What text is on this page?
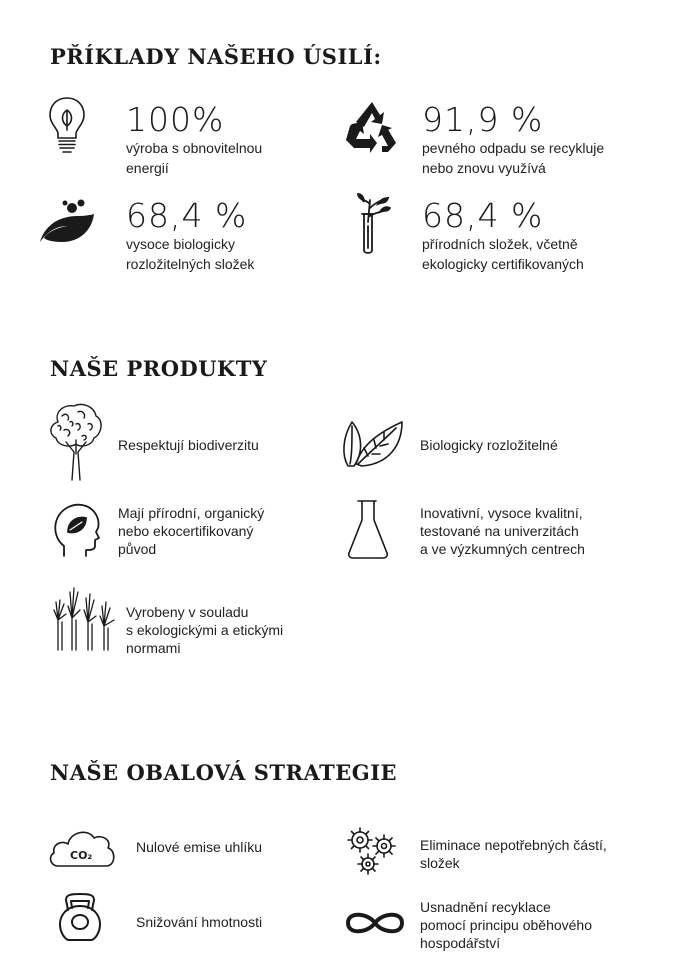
PŘÍKLADY NAŠEHO ÚSILÍ:
100%
výroba s obnovitelnou
energií
91,9 %
pevného odpadu se recykluje
nebo znovu využívá
68,4 %
vysoce biologicky
rozložitelných složek
68,4 %
přírodních složek, včetně
ekologicky certifikovaných
NAŠE PRODUKTY
Respektují biodiverzitu	Biologicky rozložitelné
Mají přírodní, organický
nebo ekocertifikovaný
původ
Inovativní, vysoce kvalitní,
testované na univerzitách
a ve výzkumných centrech
Vyrobeny v souladu
s ekologickými a etickými
normami
NAŠE OBALOVÁ STRATEGIE
CO₂
Nulové emise uhlíku	Eliminace nepotřebných částí,
složek
Snižování hmotnosti
Usnadnění recyklace
pomocí principu oběhového
hospodářství
